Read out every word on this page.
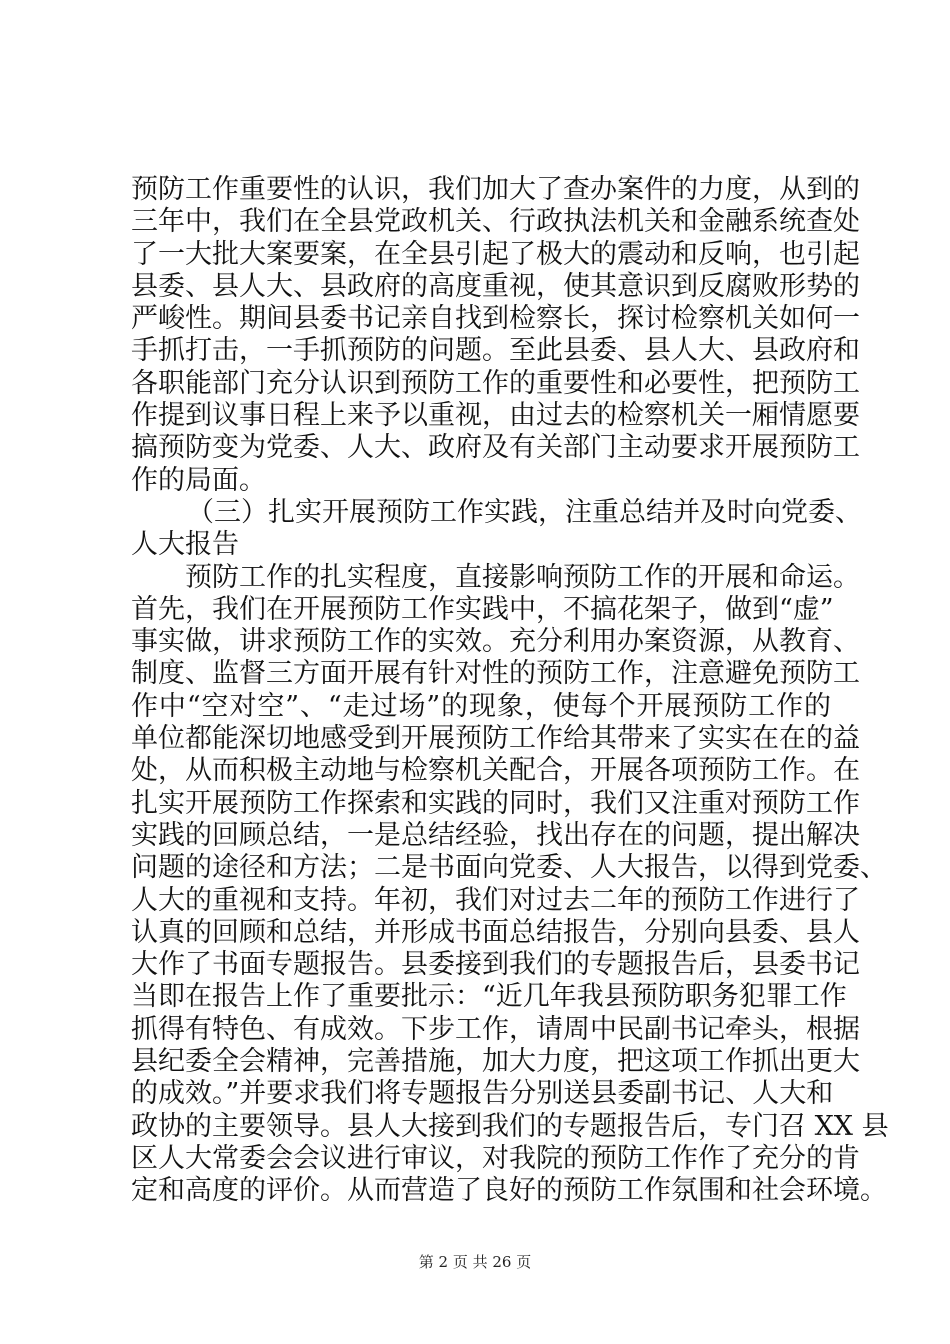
预防工作重要性的认识，我们加大了查办案件的力度，从到的
三年中，我们在全县党政机关、行政执法机关和金融系统查处
了一大批大案要案，在全县引起了极大的震动和反响，也引起
县委、县人大、县政府的高度重视，使其意识到反腐败形势的
严峻性。期间县委书记亲自找到检察长，探讨检察机关如何一
手抓打击，一手抓预防的问题。至此县委、县人大、县政府和
各职能部门充分认识到预防工作的重要性和必要性，把预防工
作提到议事日程上来予以重视，由过去的检察机关一厢情愿要
搞预防变为党委、人大、政府及有关部门主动要求开展预防工
作的局面。
（三）扎实开展预防工作实践，注重总结并及时向党委、
人大报告
预防工作的扎实程度，直接影响预防工作的开展和命运。
首先，我们在开展预防工作实践中，不搞花架子，做到“虚”
事实做，讲求预防工作的实效。充分利用办案资源，从教育、
制度、监督三方面开展有针对性的预防工作，注意避免预防工
作中“空对空”、“走过场”的现象，使每个开展预防工作的
单位都能深切地感受到开展预防工作给其带来了实实在在的益
处，从而积极主动地与检察机关配合，开展各项预防工作。在
扎实开展预防工作探索和实践的同时，我们又注重对预防工作
实践的回顾总结，一是总结经验，找出存在的问题，提出解决
问题的途径和方法；二是书面向党委、人大报告，以得到党委、
人大的重视和支持。年初，我们对过去二年的预防工作进行了
认真的回顾和总结，并形成书面总结报告，分别向县委、县人
大作了书面专题报告。县委接到我们的专题报告后，县委书记
当即在报告上作了重要批示：“近几年我县预防职务犯罪工作
抓得有特色、有成效。下步工作，请周中民副书记牵头，根据
县纪委全会精神，完善措施，加大力度，把这项工作抓出更大
的成效。”并要求我们将专题报告分别送县委副书记、人大和
政协的主要领导。县人大接到我们的专题报告后，专门召 XX 县
区人大常委会会议进行审议，对我院的预防工作作了充分的肯
定和高度的评价。从而营造了良好的预防工作氛围和社会环境。
第 2 页 共 26 页
